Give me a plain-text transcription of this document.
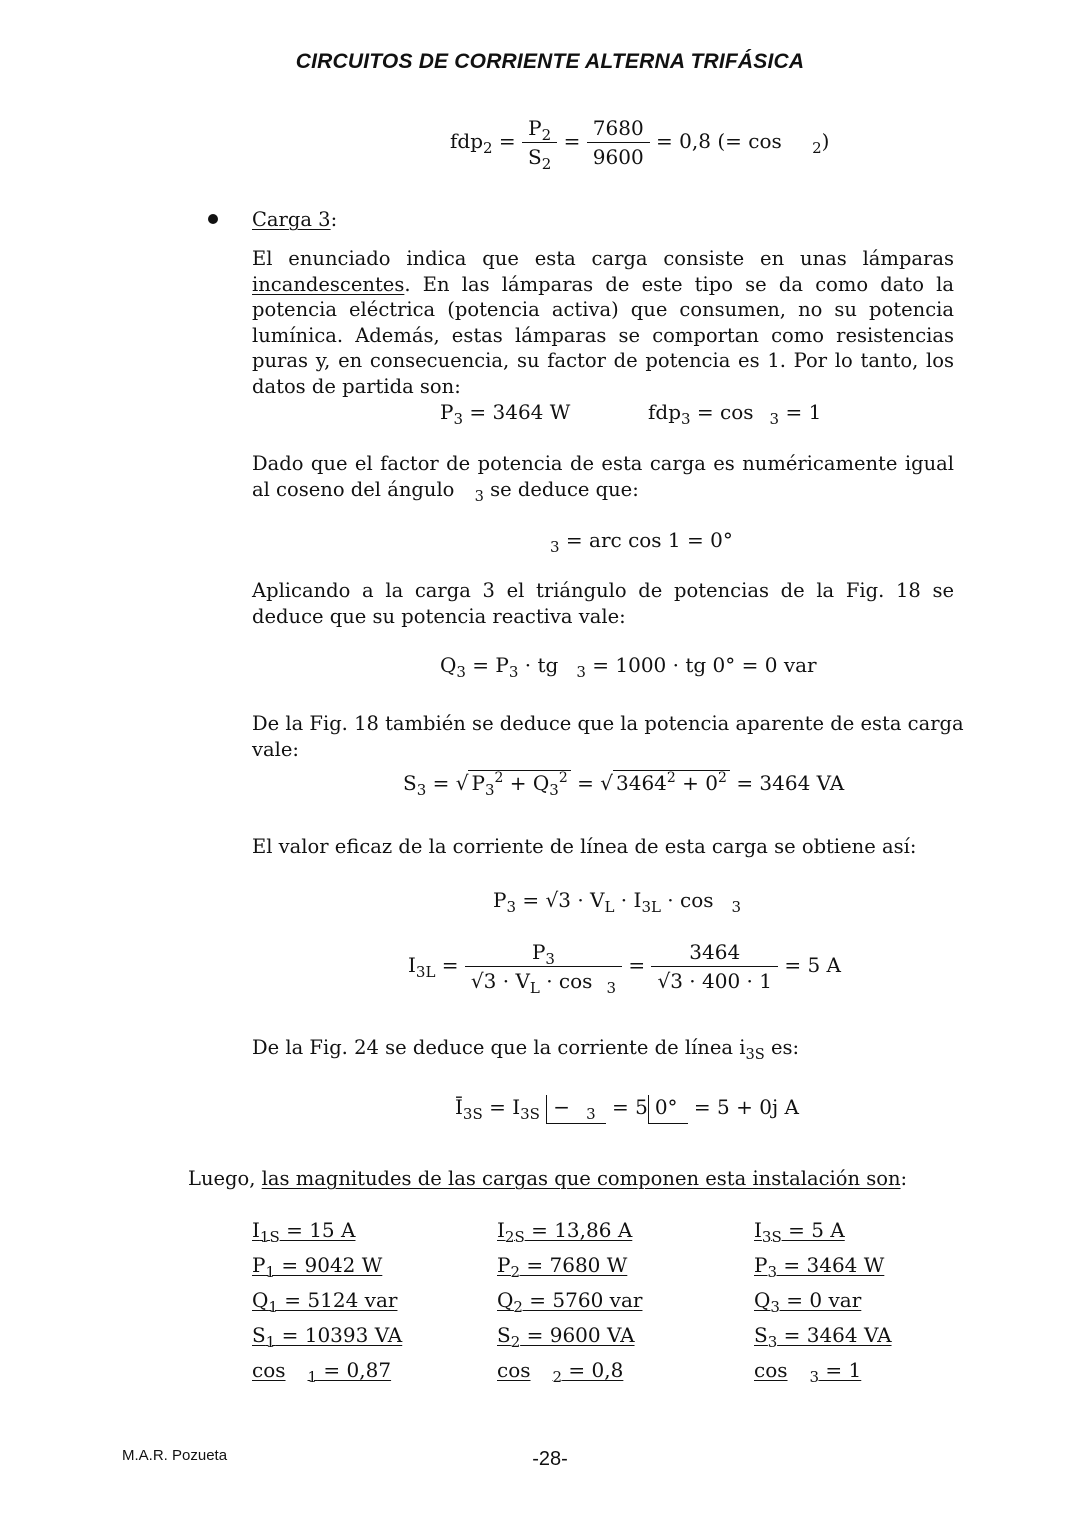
CIRCUITOS DE CORRIENTE ALTERNA TRIFÁSICA
$fdp_2 = \frac{P_2}{S_2} = \frac{7680}{9600} = 0,8$ (= cos $_2$)
Carga 3:
El enunciado indica que esta carga consiste en unas lámparas incandescentes. En las lámparas de este tipo se da como dato la potencia eléctrica (potencia activa) que consumen, no su potencia lumínica. Además, estas lámparas se comportan como resistencias puras y, en consecuencia, su factor de potencia es 1. Por lo tanto, los datos de partida son:
$P_3 = 3464$ W	fdp$_3$ = cos $_3$ = 1
Dado que el factor de potencia de esta carga es numéricamente igual al coseno del ángulo $_3$ se deduce que:
$_3$ = arc cos 1 = 0°
Aplicando a la carga 3 el triángulo de potencias de la Fig. 18 se deduce que su potencia reactiva vale:
$Q_3 = P_3$ · tg $_3$ = 1000 · tg 0° = 0 var
De la Fig. 18 también se deduce que la potencia aparente de esta carga vale:
$S_3$ = √ $P_3^2 + Q_3^2$ = √ $3464^2 + 0^2 = 3464$ VA
El valor eficaz de la corriente de línea de esta carga se obtiene así:
$P_3 = √3 \cdot V_L \cdot I_{3L} \cdot \cos _3$
$I_{3L} = \frac{P_3}{√3 \cdot V_L \cdot \cos _3} = \frac{3464}{√3 \cdot 400 \cdot 1} = 5$ A
De la Fig. 24 se deduce que la corriente de línea $i_{3S}$ es:
$Ī_{3S} = I_{3S} - _3 = 5$ 0° = 5 + 0j A
Luego, las magnitudes de las cargas que componen esta instalación son:
$I_{1S} = 15$ A
$P_1 = 9042$ W
$Q_1 = 5124$ var
$S_1 = 10393$ VA
cos $_1$ = 0,87
$I_{2S} = 13,86$ A
$P_2 = 7680$ W
$Q_2 = 5760$ var
$S_2 = 9600$ VA
cos $_2$ = 0,8
$I_{3S} = 5$ A
$P_3 = 3464$ W
$Q_3 = 0$ var
$S_3 = 3464$ VA
cos $_3$ = 1
M.A.R. Pozueta	-28-
